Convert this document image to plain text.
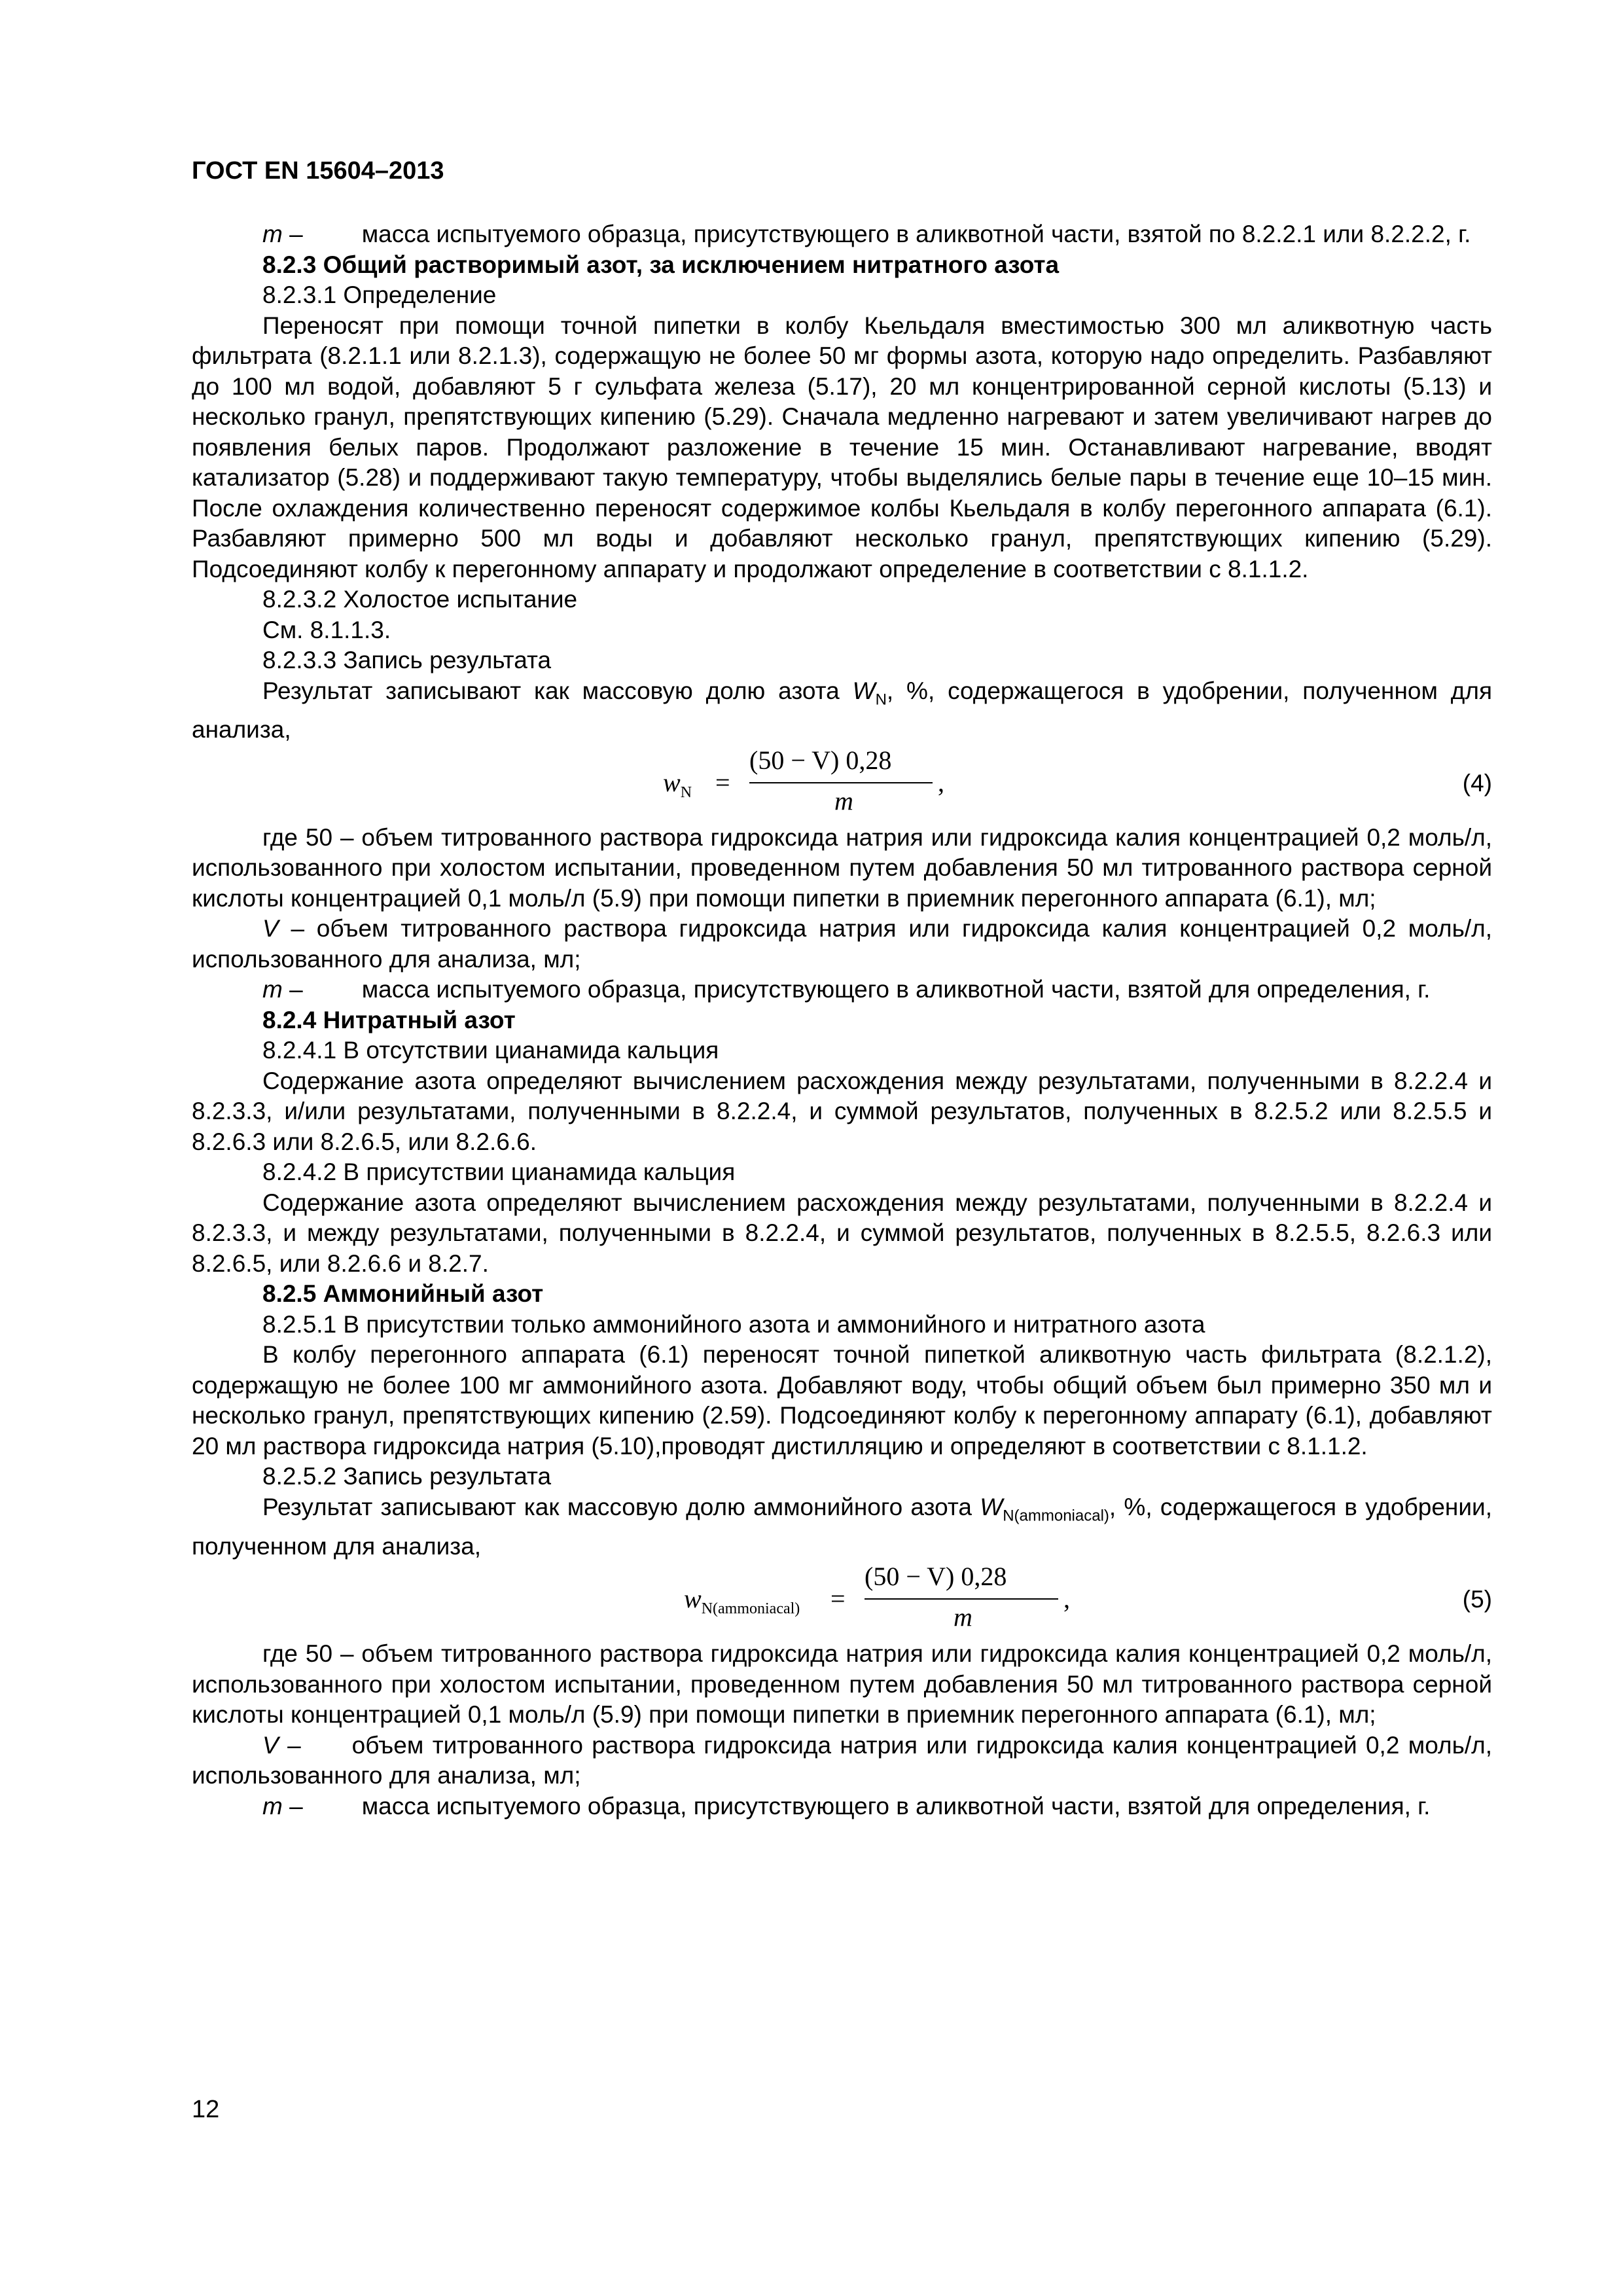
ГОСТ EN 15604–2013

m – масса испытуемого образца, присутствующего в аликвотной части, взятой по 8.2.2.1 или 8.2.2.2, г.

8.2.3 Общий растворимый азот, за исключением нитратного азота

8.2.3.1 Определение

Переносят при помощи точной пипетки в колбу Кьельдаля вместимостью 300 мл аликвотную часть фильтрата (8.2.1.1 или 8.2.1.3), содержащую не более 50 мг формы азота, которую надо определить. Разбавляют до 100 мл водой, добавляют 5 г сульфата железа (5.17), 20 мл концентрированной серной кислоты (5.13) и несколько гранул, препятствующих кипению (5.29). Сначала медленно нагревают и затем увеличивают нагрев до появления белых паров. Продолжают разложение в течение 15 мин. Останавливают нагревание, вводят катализатор (5.28) и поддерживают такую температуру, чтобы выделялись белые пары в течение еще 10–15 мин. После охлаждения количественно переносят содержимое колбы Кьельдаля в колбу перегонного аппарата (6.1). Разбавляют примерно 500 мл воды и добавляют несколько гранул, препятствующих кипению (5.29). Подсоединяют колбу к перегонному аппарату и продолжают определение в соответствии с 8.1.1.2.

8.2.3.2 Холостое испытание

См. 8.1.1.3.

8.2.3.3 Запись результата

Результат записывают как массовую долю азота $W_N$, %, содержащегося в удобрении, полученном для анализа,

$w_N$ =
(50 − V) 0,28
m
,	(4)

где 50 – объем титрованного раствора гидроксида натрия или гидроксида калия концентрацией 0,2 моль/л, использованного при холостом испытании, проведенном путем добавления 50 мл титрованного раствора серной кислоты концентрацией 0,1 моль/л (5.9) при помощи пипетки в приемник перегонного аппарата (6.1), мл;

V – объем титрованного раствора гидроксида натрия или гидроксида калия концентрацией 0,2 моль/л, использованного для анализа, мл;

m – масса испытуемого образца, присутствующего в аликвотной части, взятой для определения, г.

8.2.4 Нитратный азот

8.2.4.1 В отсутствии цианамида кальция

Содержание азота определяют вычислением расхождения между результатами, полученными в 8.2.2.4 и 8.2.3.3, и/или результатами, полученными в 8.2.2.4, и суммой результатов, полученных в 8.2.5.2 или 8.2.5.5 и 8.2.6.3 или 8.2.6.5, или 8.2.6.6.

8.2.4.2 В присутствии цианамида кальция

Содержание азота определяют вычислением расхождения между результатами, полученными в 8.2.2.4 и 8.2.3.3, и между результатами, полученными в 8.2.2.4, и суммой результатов, полученных в 8.2.5.5, 8.2.6.3 или 8.2.6.5, или 8.2.6.6 и 8.2.7.

8.2.5 Аммонийный азот

8.2.5.1 В присутствии только аммонийного азота и аммонийного и нитратного азота

В колбу перегонного аппарата (6.1) переносят точной пипеткой аликвотную часть фильтрата (8.2.1.2), содержащую не более 100 мг аммонийного азота. Добавляют воду, чтобы общий объем был примерно 350 мл и несколько гранул, препятствующих кипению (2.59). Подсоединяют колбу к перегонному аппарату (6.1), добавляют 20 мл раствора гидроксида натрия (5.10),проводят дистилляцию и определяют в соответствии с 8.1.1.2.

8.2.5.2 Запись результата

Результат записывают как массовую долю аммонийного азота $W_{N(ammoniacal)}$, %, содержащегося в удобрении, полученном для анализа,

$w_{N(ammoniacal)}$ =
(50 − V) 0,28
m
,	(5)

где 50 – объем титрованного раствора гидроксида натрия или гидроксида калия концентрацией 0,2 моль/л, использованного при холостом испытании, проведенном путем добавления 50 мл титрованного раствора серной кислоты концентрацией 0,1 моль/л (5.9) при помощи пипетки в приемник перегонного аппарата (6.1), мл;

V – объем титрованного раствора гидроксида натрия или гидроксида калия концентрацией 0,2 моль/л, использованного для анализа, мл;

m – масса испытуемого образца, присутствующего в аликвотной части, взятой для определения, г.

12
